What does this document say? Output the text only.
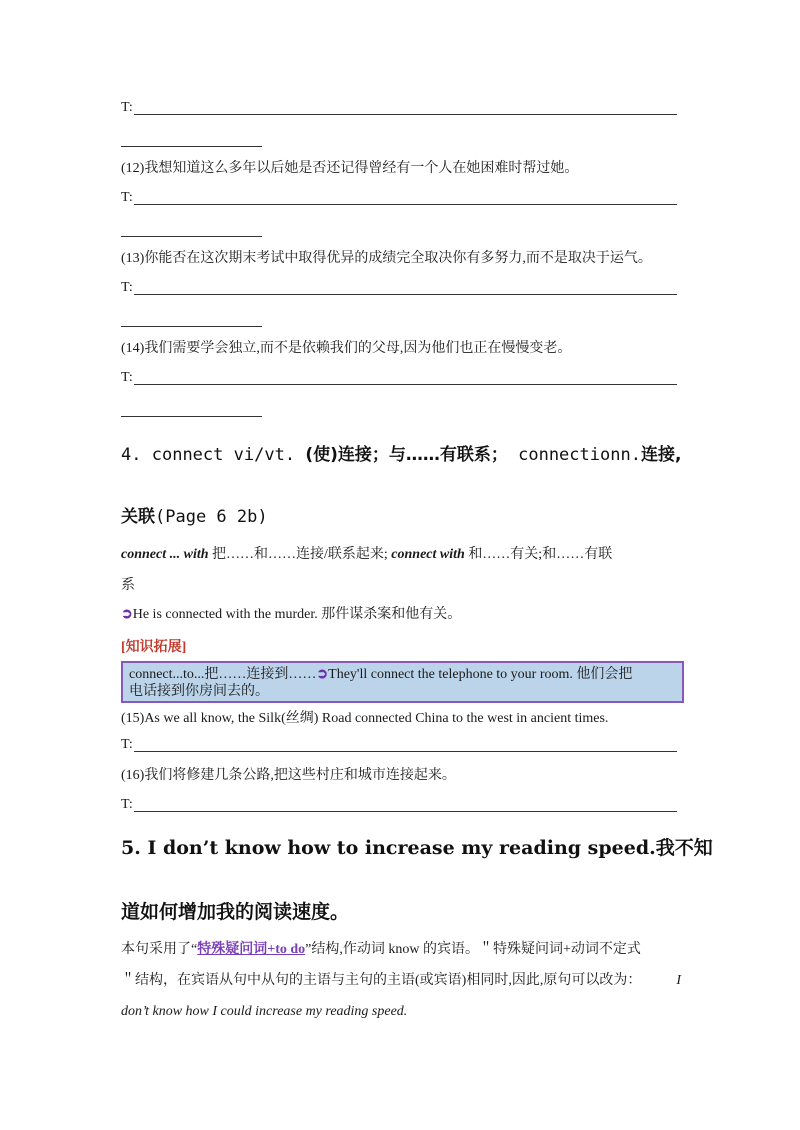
T:
(12)我想知道这么多年以后她是否还记得曾经有一个人在她困难时帮过她。
T:
(13)你能否在这次期末考试中取得优异的成绩完全取决你有多努力,而不是取决于运气。
T:
(14)我们需要学会独立,而不是依赖我们的父母,因为他们也正在慢慢变老。
T:
4. connect vi/vt. (使)连接；与……有联系； connectionn.连接,
关联(Page 6 2b)
connect ... with 把……和……连接/联系起来; connect with 和……有关;和……有联
系
➲He is connected with the murder. 那件谋杀案和他有关。
[知识拓展]
connect...to...把……连接到……➲They'll connect the telephone to your room. 他们会把
电话接到你房间去的。
(15)As we all know, the Silk(丝绸) Road connected China to the west in ancient times.
T:
(16)我们将修建几条公路,把这些村庄和城市连接起来。
T:
5. I don’t know how to increase my reading speed.我不知
道如何增加我的阅读速度。
本句采用了“特殊疑问词+to do”结构,作动词 know 的宾语。＂特殊疑问词+动词不定式
＂结构，在宾语从句中从句的主语与主句的主语(或宾语)相同时,因此,原句可以改为：	I
don’t know how I could increase my reading speed.
